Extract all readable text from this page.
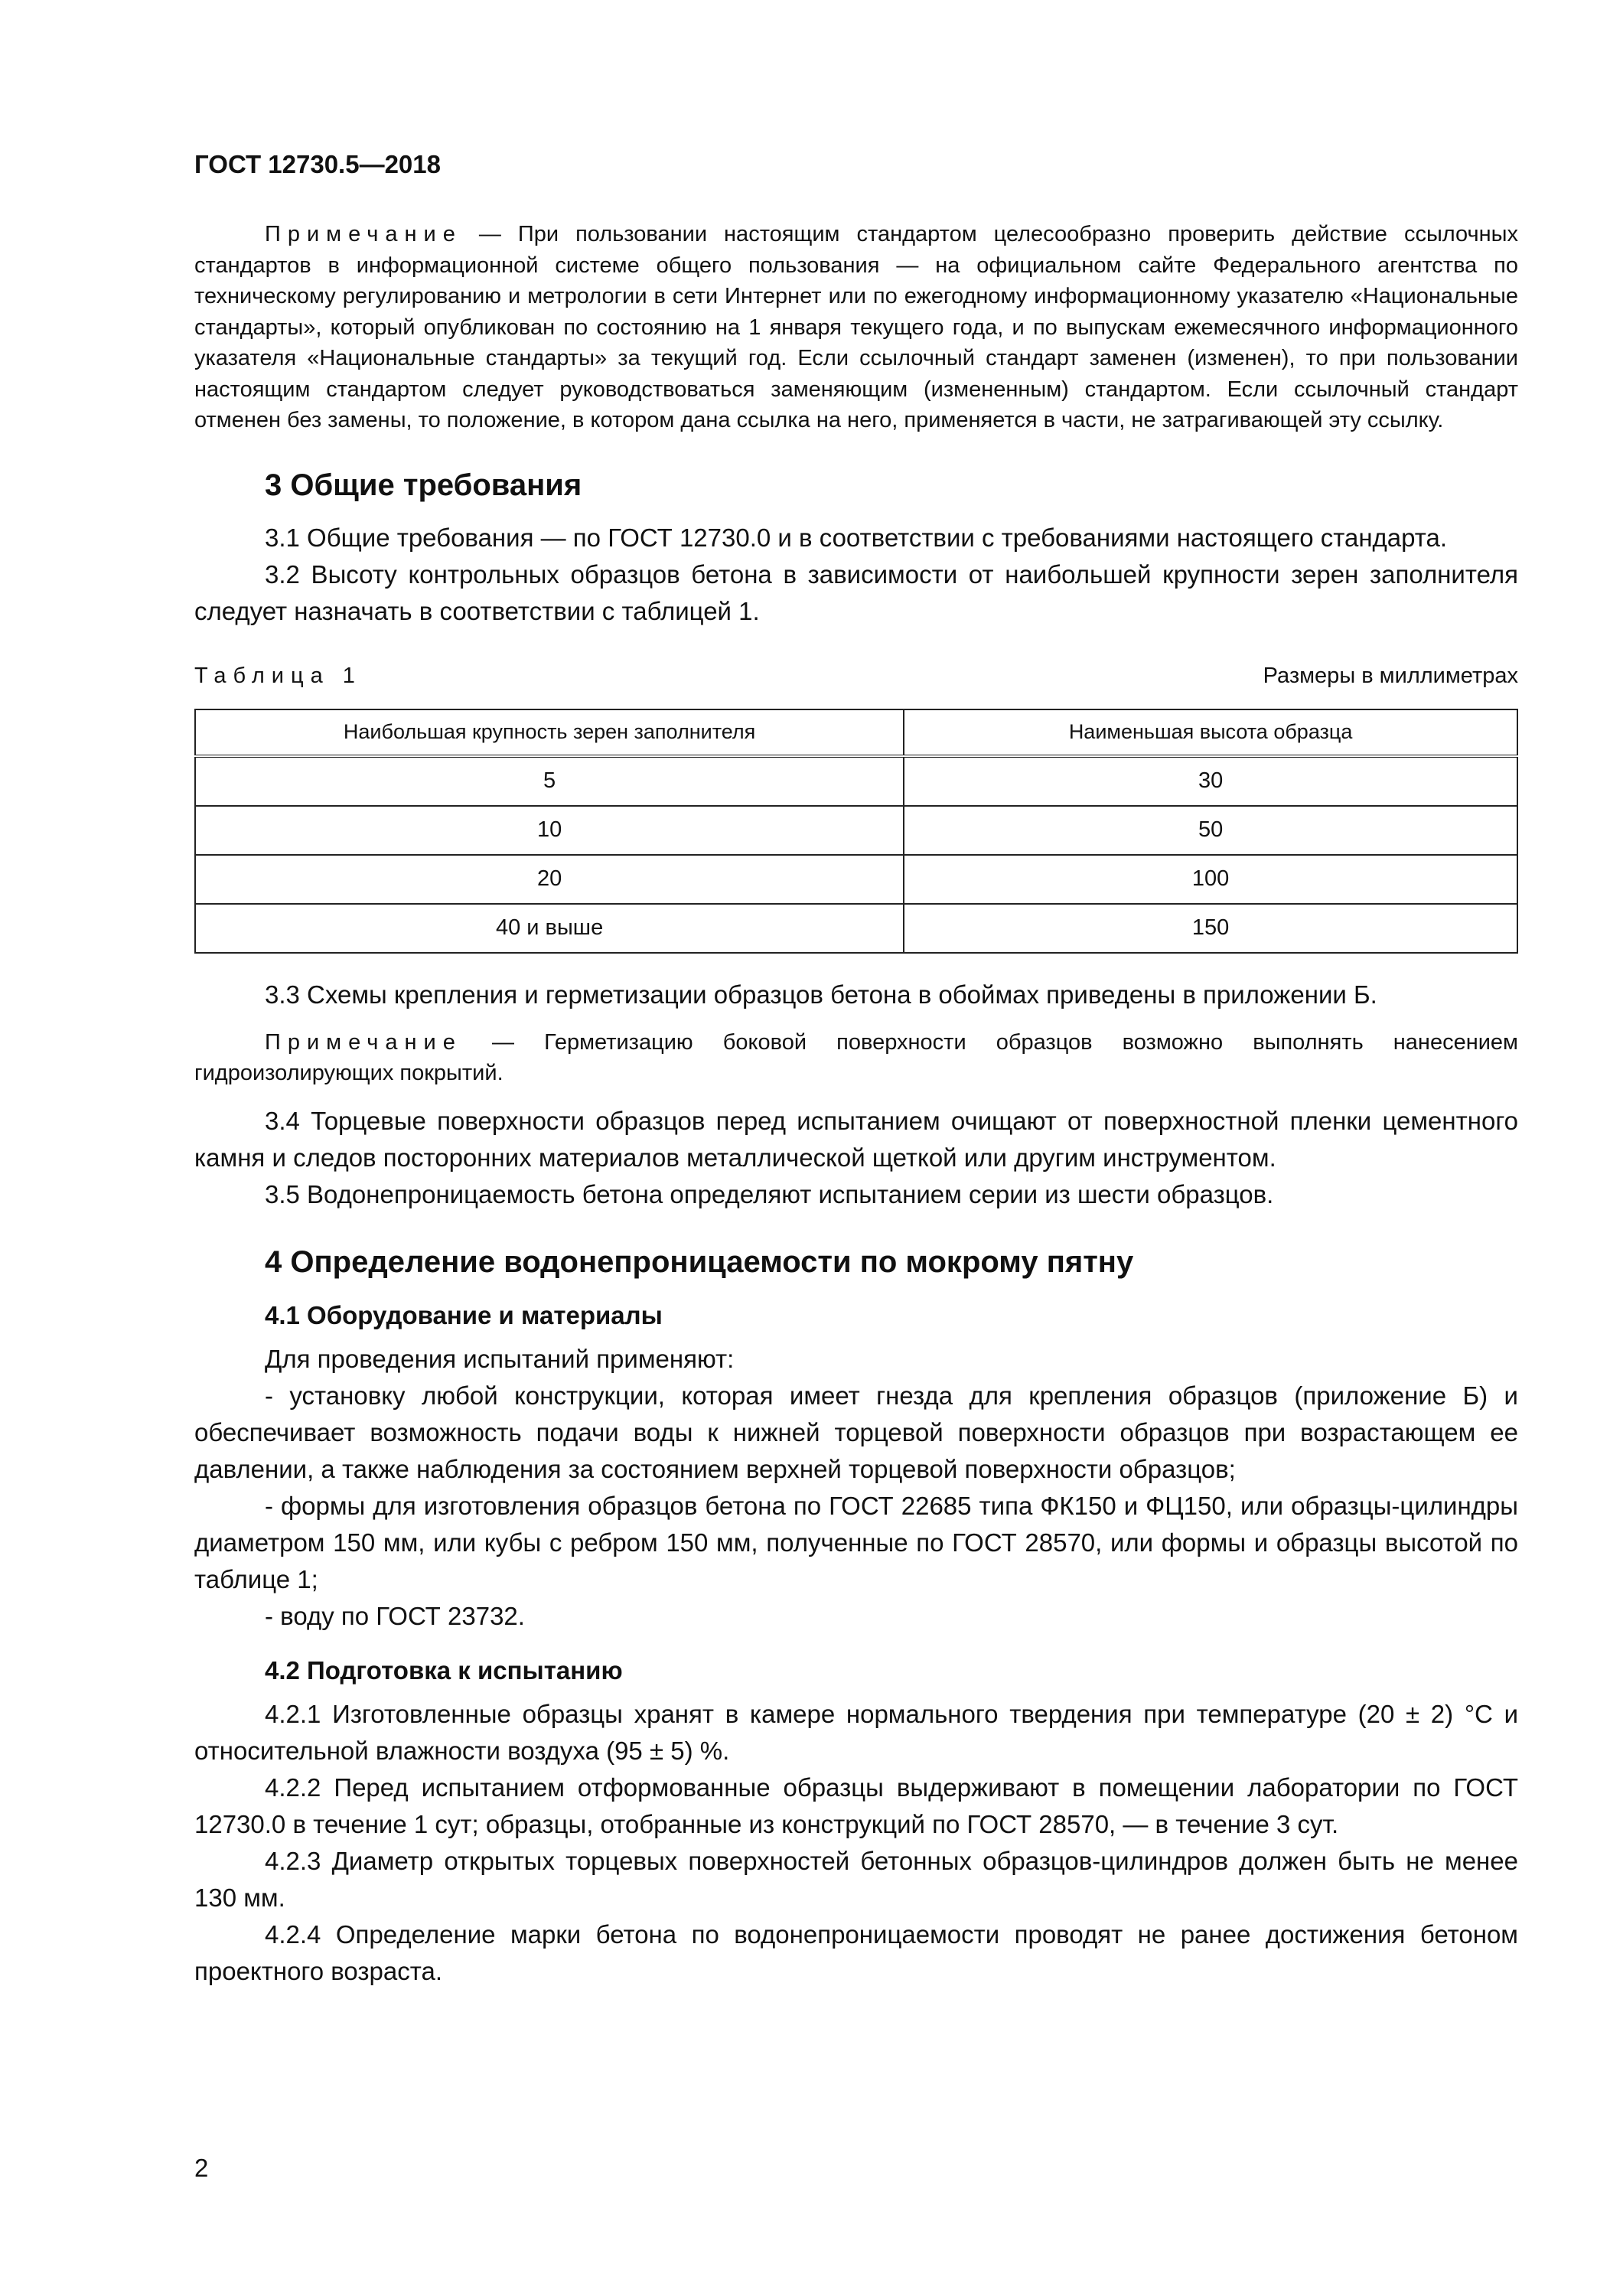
ГОСТ 12730.5—2018

Примечание — При пользовании настоящим стандартом целесообразно проверить действие ссылочных стандартов в информационной системе общего пользования — на официальном сайте Федерального агентства по техническому регулированию и метрологии в сети Интернет или по ежегодному информационному указателю «Национальные стандарты», который опубликован по состоянию на 1 января текущего года, и по выпускам ежемесячного информационного указателя «Национальные стандарты» за текущий год. Если ссылочный стандарт заменен (изменен), то при пользовании настоящим стандартом следует руководствоваться заменяющим (измененным) стандартом. Если ссылочный стандарт отменен без замены, то положение, в котором дана ссылка на него, применяется в части, не затрагивающей эту ссылку.

3 Общие требования

3.1 Общие требования — по ГОСТ 12730.0 и в соответствии с требованиями настоящего стандарта.

3.2 Высоту контрольных образцов бетона в зависимости от наибольшей крупности зерен заполнителя следует назначать в соответствии с таблицей 1.

Таблица 1	Размеры в миллиметрах
Наибольшая крупность зерен заполнителя	Наименьшая высота образца
5	30
10	50
20	100
40 и выше	150

3.3 Схемы крепления и герметизации образцов бетона в обоймах приведены в приложении Б.

Примечание — Герметизацию боковой поверхности образцов возможно выполнять нанесением гидроизолирующих покрытий.

3.4 Торцевые поверхности образцов перед испытанием очищают от поверхностной пленки цементного камня и следов посторонних материалов металлической щеткой или другим инструментом.

3.5 Водонепроницаемость бетона определяют испытанием серии из шести образцов.

4 Определение водонепроницаемости по мокрому пятну
4.1 Оборудование и материалы

Для проведения испытаний применяют:

- установку любой конструкции, которая имеет гнезда для крепления образцов (приложение Б) и обеспечивает возможность подачи воды к нижней торцевой поверхности образцов при возрастающем ее давлении, а также наблюдения за состоянием верхней торцевой поверхности образцов;

- формы для изготовления образцов бетона по ГОСТ 22685 типа ФК150 и ФЦ150, или образцы-цилиндры диаметром 150 мм, или кубы с ребром 150 мм, полученные по ГОСТ 28570, или формы и образцы высотой по таблице 1;

- воду по ГОСТ 23732.

4.2 Подготовка к испытанию

4.2.1 Изготовленные образцы хранят в камере нормального твердения при температуре (20 ± 2) °С и относительной влажности воздуха (95 ± 5) %.

4.2.2 Перед испытанием отформованные образцы выдерживают в помещении лаборатории по ГОСТ 12730.0 в течение 1 сут; образцы, отобранные из конструкций по ГОСТ 28570, — в течение 3 сут.

4.2.3 Диаметр открытых торцевых поверхностей бетонных образцов-цилиндров должен быть не менее 130 мм.

4.2.4 Определение марки бетона по водонепроницаемости проводят не ранее достижения бетоном проектного возраста.

2
